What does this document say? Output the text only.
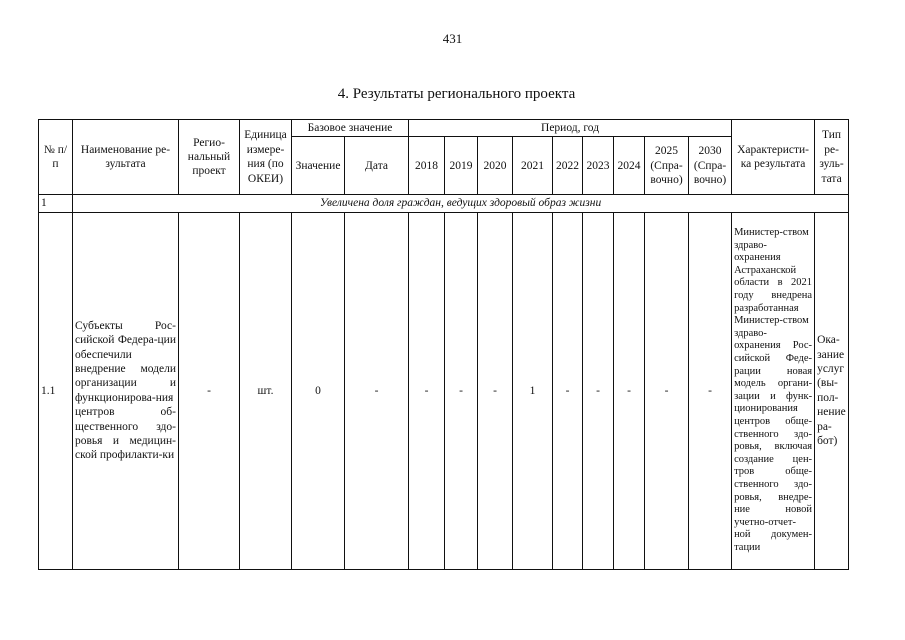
431
4. Результаты регионального проекта
№ п/п	Наименование ре-зультата	Регио-нальный проект	Единица измере-ния (по ОКЕИ)	Базовое значение		Период, год									Характеристи-ка результата	Тип ре-зуль-тата
				Значение	Дата	2018	2019	2020	2021	2022	2023	2024	2025 (Спра-вочно)	2030 (Спра-вочно)		
1	Увеличена доля граждан, ведущих здоровый образ жизни															
1.1	Субъекты Рос-сийской Федера-ции обеспечили внедрение модели организации и функционирова-ния центров об-щественного здо-ровья и медицин-ской профилакти-ки	-	шт.	0	-	-	-	-	1	-	-	-	-	-	Министер-ством здраво-охранения Астраханской области в 2021 году внедрена разработанная Министер-ством здраво-охранения Рос-сийской Феде-рации новая модель органи-зации и функ-ционирования центров обще-ственного здо-ровья, включая создание цен-тров обще-ственного здо-ровья, внедре-ние новой учетно-отчет-ной докумен-тации	Ока-зание услуг (вы-пол-нение ра-бот)
